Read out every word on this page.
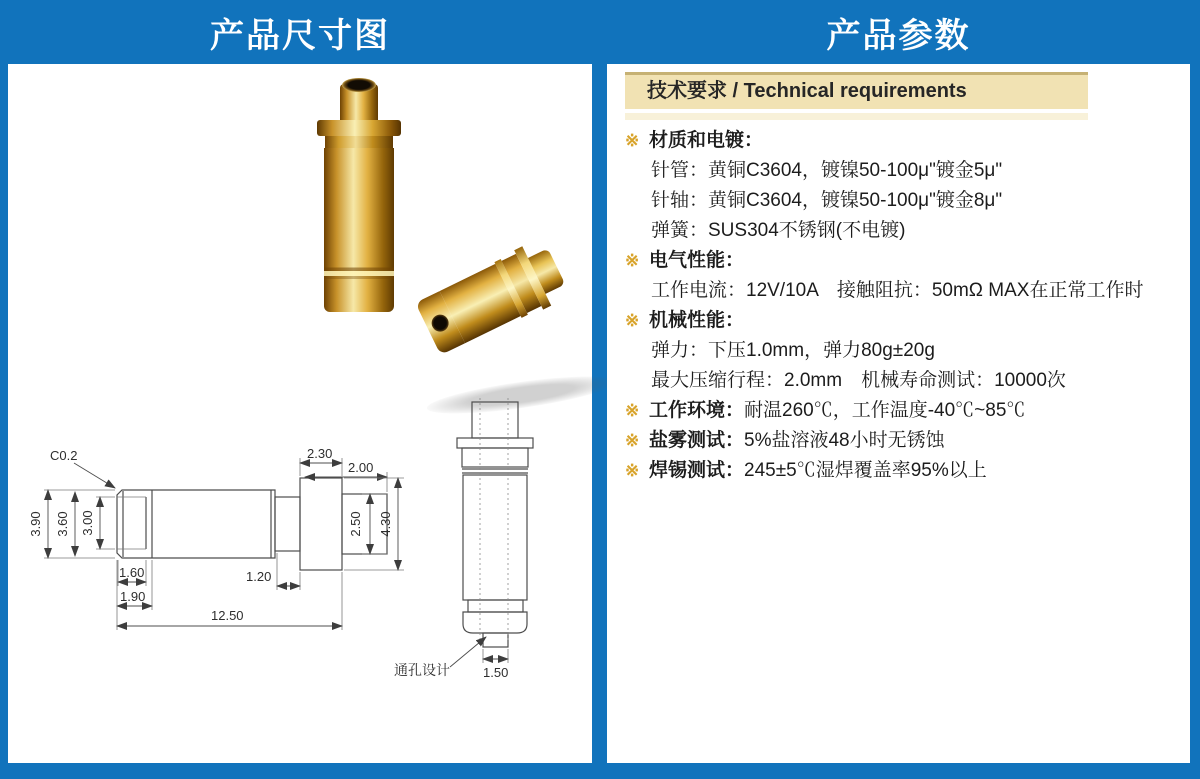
产品尺寸图	产品参数
C0.2
3.90 3.60 3.00
2.30
2.00
2.50 4.30
1.60
1.90
1.20
12.50
通孔设计	1.50
技术要求 / Technical requirements
※ 材质和电镀：
针管：黄铜C3604，镀镍50-100μ"镀金5μ"
针轴：黄铜C3604，镀镍50-100μ"镀金8μ"
弹簧：SUS304不锈钢(不电镀)
※ 电气性能：
工作电流：12V/10A　接触阻抗：50mΩ MAX在正常工作时
※ 机械性能：
弹力：下压1.0mm，弹力80g±20g
最大压缩行程：2.0mm　机械寿命测试：10000次
※ 工作环境： 耐温260℃，工作温度-40℃~85℃
※ 盐雾测试： 5%盐溶液48小时无锈蚀
※ 焊锡测试： 245±5℃湿焊覆盖率95%以上
